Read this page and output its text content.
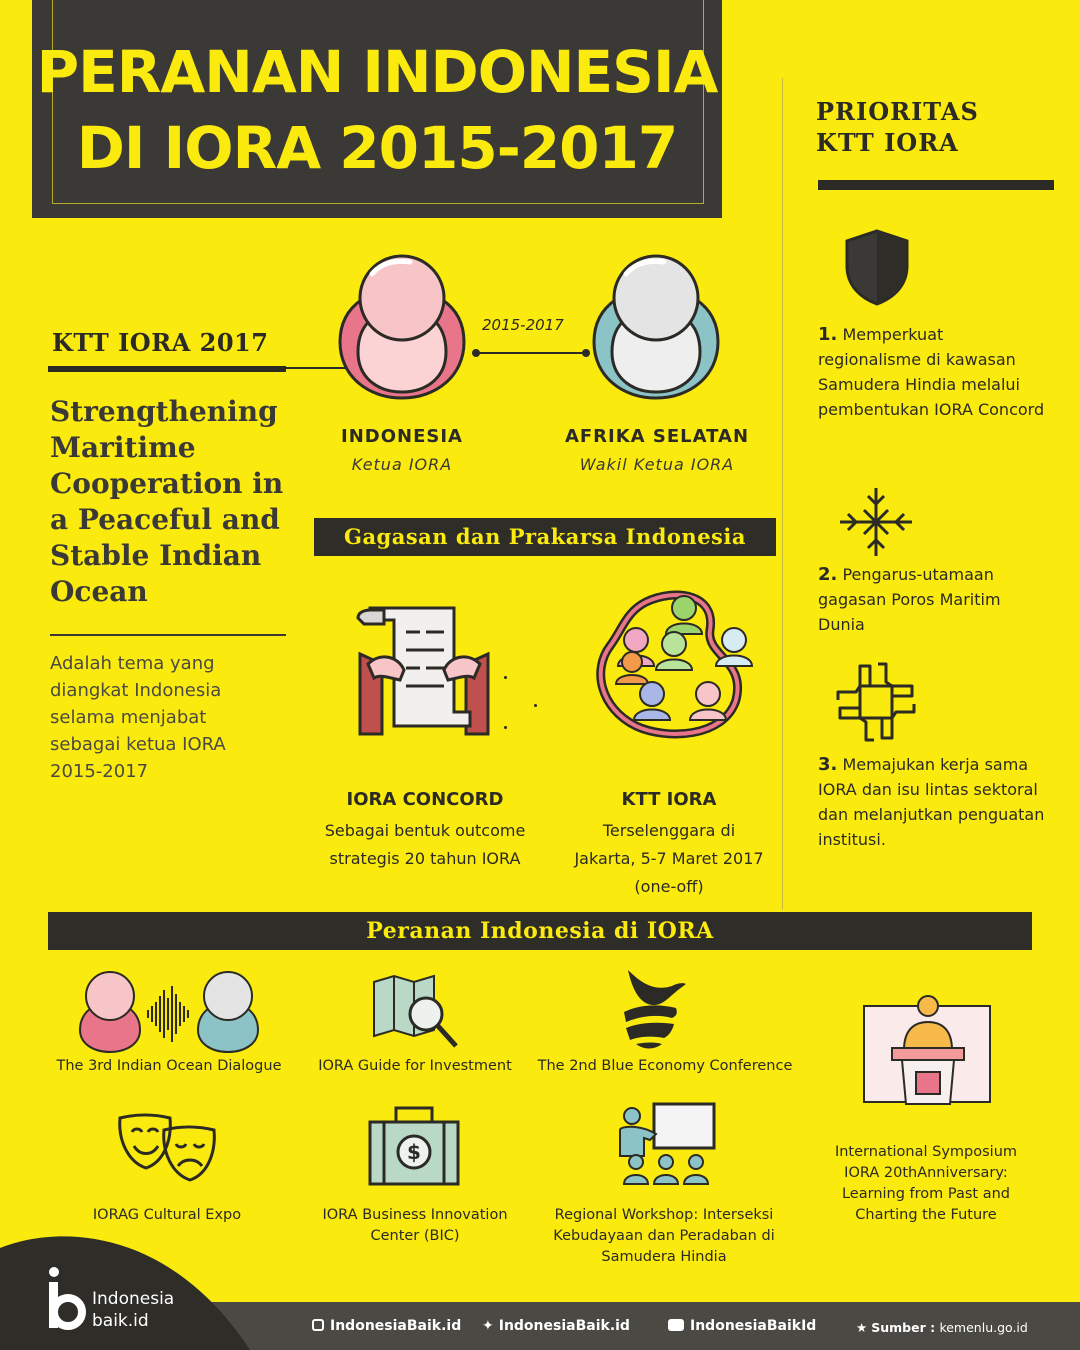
PERANAN INDONESIA
DI IORA 2015-2017
PRIORITAS
KTT IORA
1. Memperkuat regionalisme di kawasan Samudera Hindia melalui pembentukan IORA Concord
2. Pengarus-utamaan gagasan Poros Maritim Dunia
3. Memajukan kerja sama IORA dan isu lintas sektoral dan melanjutkan penguatan institusi.
KTT IORA 2017
Strengthening Maritime Cooperation in a Peaceful and Stable Indian Ocean
Adalah tema yang diangkat Indonesia selama menjabat sebagai ketua IORA 2015-2017
2015-2017
INDONESIA
Ketua IORA
AFRIKA SELATAN
Wakil Ketua IORA
Gagasan dan Prakarsa Indonesia
IORA CONCORD
Sebagai bentuk outcome
strategis 20 tahun IORA
KTT IORA
Terselenggara di
Jakarta, 5-7 Maret 2017
(one-off)
Peranan Indonesia di IORA
$
The 3rd Indian Ocean Dialogue	IORA Guide for Investment	The 2nd Blue Economy Conference
International Symposium IORA 20thAnniversary: Learning from Past and Charting the Future
IORAG Cultural Expo	IORA Business Innovation Center (BIC)
Regional Workshop: Interseksi Kebudayaan dan Peradaban di Samudera Hindia
Indonesia
baik.id	IndonesiaBaik.id ✦ IndonesiaBaik.id	IndonesiaBaikId	★ Sumber : kemenlu.go.id
